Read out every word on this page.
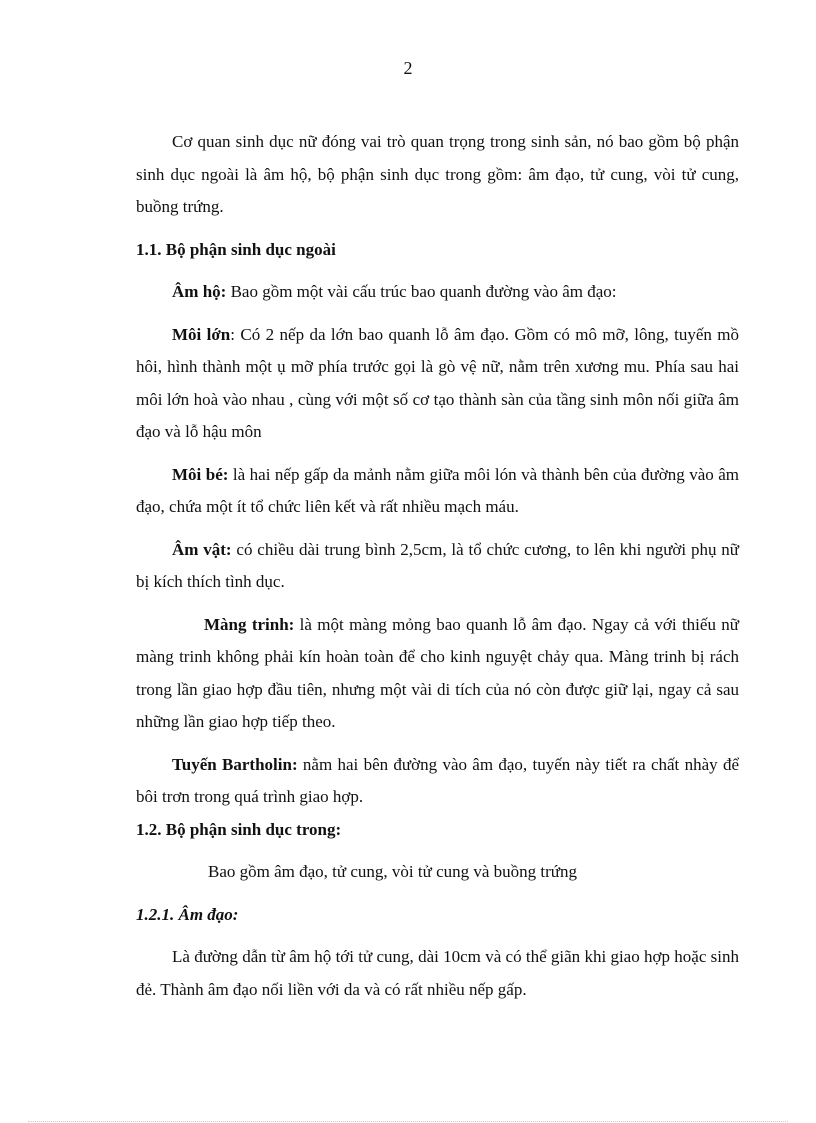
2

Cơ quan sinh dục nữ đóng vai trò quan trọng trong sinh sản, nó bao gồm bộ phận sinh dục ngoài là âm hộ, bộ phận sinh dục trong gồm: âm đạo, tử cung, vòi tử cung, buồng trứng.

1.1. Bộ phận sinh dục ngoài

Âm hộ: Bao gồm một vài cấu trúc bao quanh đường vào âm đạo:

Môi lớn: Có 2 nếp da lớn bao quanh lỗ âm đạo. Gồm có mô mỡ, lông, tuyến mồ hôi, hình thành một ụ mỡ phía trước gọi là gò vệ nữ, nằm trên xương mu. Phía sau hai môi lớn hoà vào nhau , cùng với một số cơ tạo thành sàn của tầng sinh môn nối giữa âm đạo và lỗ hậu môn

Môi bé: là hai nếp gấp da mảnh nằm giữa môi lón và thành bên của đường vào âm đạo, chứa một ít tổ chức liên kết và rất nhiều mạch máu.

Âm vật: có chiều dài trung bình 2,5cm, là tổ chức cương, to lên khi người phụ nữ bị kích thích tình dục.

Màng trinh: là một màng mỏng bao quanh lỗ âm đạo. Ngay cả với thiếu nữ màng trinh không phải kín hoàn toàn để cho kinh nguyệt chảy qua. Màng trinh bị rách trong lần giao hợp đầu tiên, nhưng một vài di tích của nó còn được giữ lại, ngay cả sau những lần giao hợp tiếp theo.

Tuyến Bartholin: nằm hai bên đường vào âm đạo, tuyến này tiết ra chất nhày để bôi trơn trong quá trình giao hợp.

1.2. Bộ phận sinh dục trong:

Bao gồm âm đạo, tử cung, vòi tử cung và buồng trứng

1.2.1. Âm đạo:

Là đường dẫn từ âm hộ tới tử cung, dài 10cm và có thể giãn khi giao hợp hoặc sinh đẻ. Thành âm đạo nối liền với da và có rất nhiều nếp gấp.
